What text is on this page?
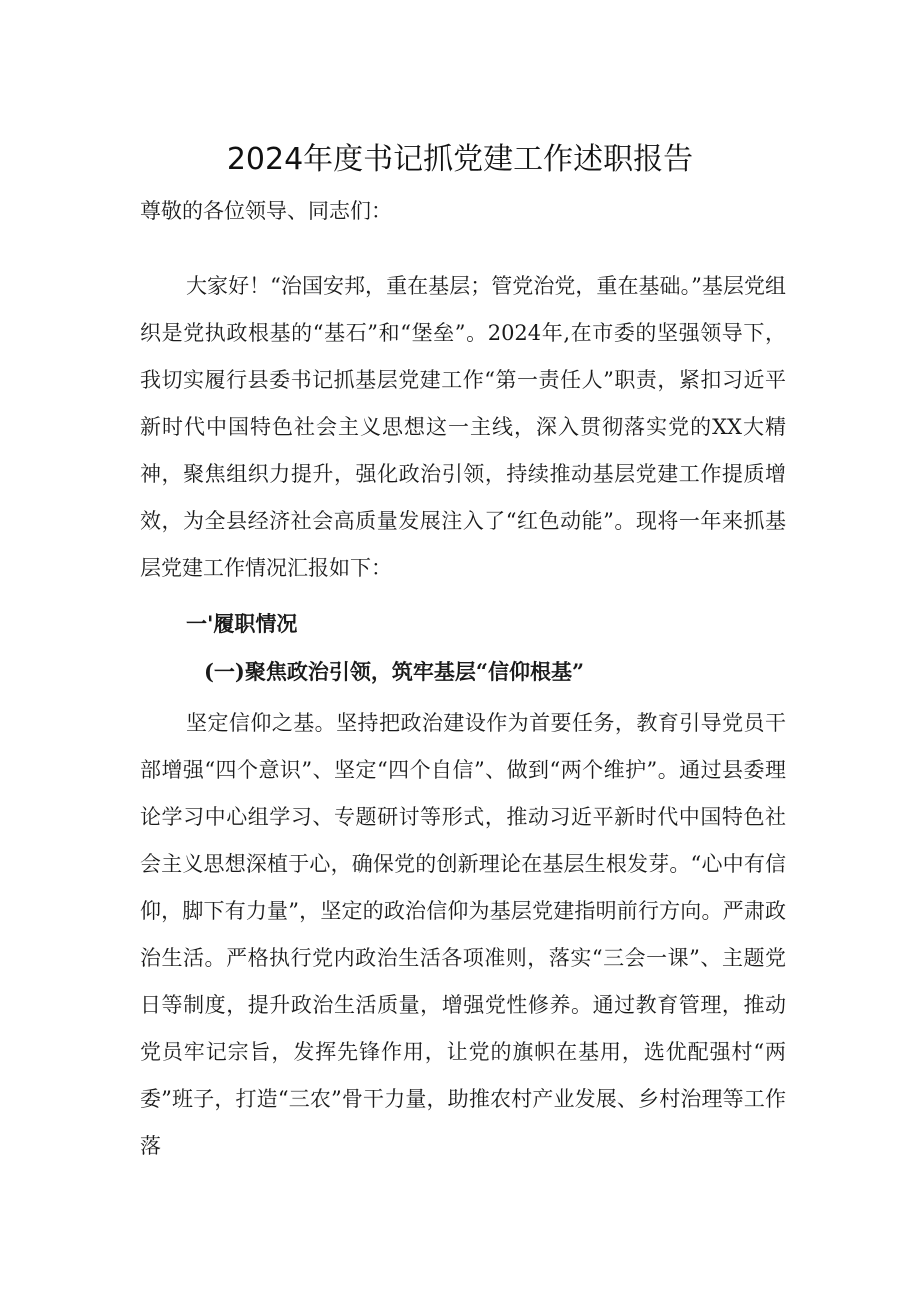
2024年度书记抓党建工作述职报告
尊敬的各位领导、同志们：
大家好！“治国安邦，重在基层；管党治党，重在基础。”基层党组织是党执政根基的“基石”和“堡垒”。2024年,在市委的坚强领导下，我切实履行县委书记抓基层党建工作“第一责任人”职责，紧扣习近平新时代中国特色社会主义思想这一主线，深入贯彻落实党的XX大精神，聚焦组织力提升，强化政治引领，持续推动基层党建工作提质增效，为全县经济社会高质量发展注入了“红色动能”。现将一年来抓基层党建工作情况汇报如下：
一'履职情况
(一)聚焦政治引领，筑牢基层“信仰根基”
坚定信仰之基。坚持把政治建设作为首要任务，教育引导党员干部增强“四个意识”、坚定“四个自信”、做到“两个维护”。通过县委理论学习中心组学习、专题研讨等形式，推动习近平新时代中国特色社会主义思想深植于心，确保党的创新理论在基层生根发芽。“心中有信仰，脚下有力量”，坚定的政治信仰为基层党建指明前行方向。严肃政治生活。严格执行党内政治生活各项准则，落实“三会一课”、主题党日等制度，提升政治生活质量，增强党性修养。通过教育管理，推动党员牢记宗旨，发挥先锋作用，让党的旗帜在基用，选优配强村“两委”班子，打造“三农”骨干力量，助推农村产业发展、乡村治理等工作落
